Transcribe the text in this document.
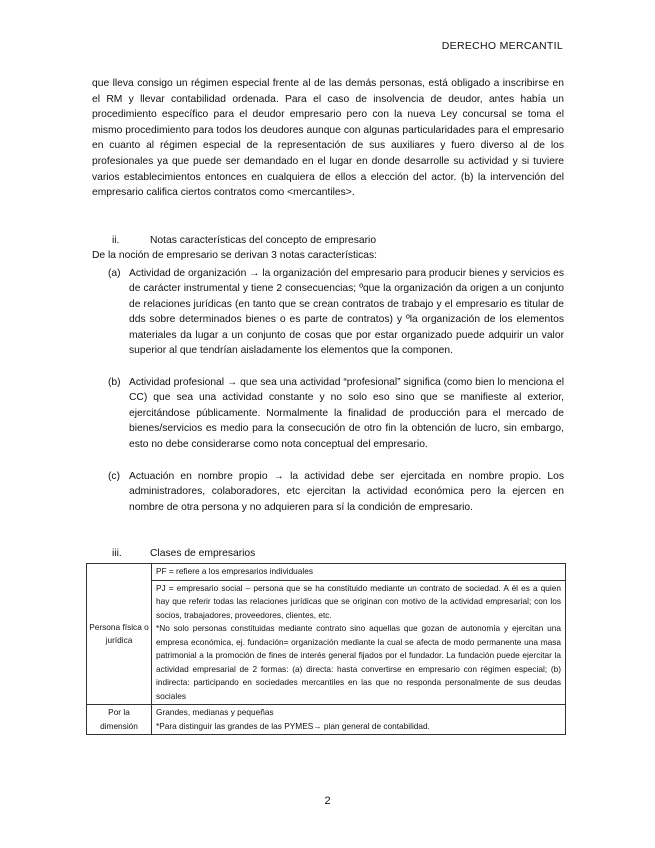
DERECHO MERCANTIL
que lleva consigo un régimen especial frente al de las demás personas, está obligado a inscribirse en el RM y llevar contabilidad ordenada. Para el caso de insolvencia de deudor, antes había un procedimiento específico para el deudor empresario pero con la nueva Ley concursal se toma el mismo procedimiento para todos los deudores aunque con algunas particularidades para el empresario en cuanto al régimen especial de la representación de sus auxiliares y fuero diverso al de los profesionales ya que puede ser demandado en el lugar en donde desarrolle su actividad y si tuviere varios establecimientos entonces en cualquiera de ellos a elección del actor. (b) la intervención del empresario califica ciertos contratos como <mercantiles>.
ii.	Notas características del concepto de empresario
De la noción de empresario se derivan 3 notas características:
(a) Actividad de organización → la organización del empresario para producir bienes y servicios es de carácter instrumental y tiene 2 consecuencias; ºque la organización da origen a un conjunto de relaciones jurídicas (en tanto que se crean contratos de trabajo y el empresario es titular de dds sobre determinados bienes o es parte de contratos) y ºla organización de los elementos materiales da lugar a un conjunto de cosas que por estar organizado puede adquirir un valor superior al que tendrían aisladamente los elementos que la componen.
(b) Actividad profesional → que sea una actividad “profesional” significa (como bien lo menciona el CC) que sea una actividad constante y no solo eso sino que se manifieste al exterior, ejercitándose públicamente. Normalmente la finalidad de producción para el mercado de bienes/servicios es medio para la consecución de otro fin la obtención de lucro, sin embargo, esto no debe considerarse como nota conceptual del empresario.
(c) Actuación en nombre propio → la actividad debe ser ejercitada en nombre propio. Los administradores, colaboradores, etc ejercitan la actividad económica pero la ejercen en nombre de otra persona y no adquieren para sí la condición de empresario.
iii.	Clases de empresarios
Persona física o jurídica	PF = refiere a los empresarios individuales

	PJ = empresario social – persona que se ha constituido mediante un contrato de sociedad. A él es a quien hay que referir todas las relaciones jurídicas que se originan con motivo de la actividad empresarial; con los socios, trabajadores, proveedores, clientes, etc.
*No solo personas constituidas mediante contrato sino aquellas que gozan de autonomía y ejercitan una empresa económica, ej. fundación= organización mediante la cual se afecta de modo permanente una masa patrimonial a la promoción de fines de interés general fijados por el fundador. La fundación puede ejercitar la actividad empresarial de 2 formas: (a) directa: hasta convertirse en empresario con régimen especial; (b) indirecta: participando en sociedades mercantiles en las que no responda personalmente de sus deudas sociales

Por la dimensión	Grandes, medianas y pequeñas
*Para distinguir las grandes de las PYMES→ plan general de contabilidad.
2
